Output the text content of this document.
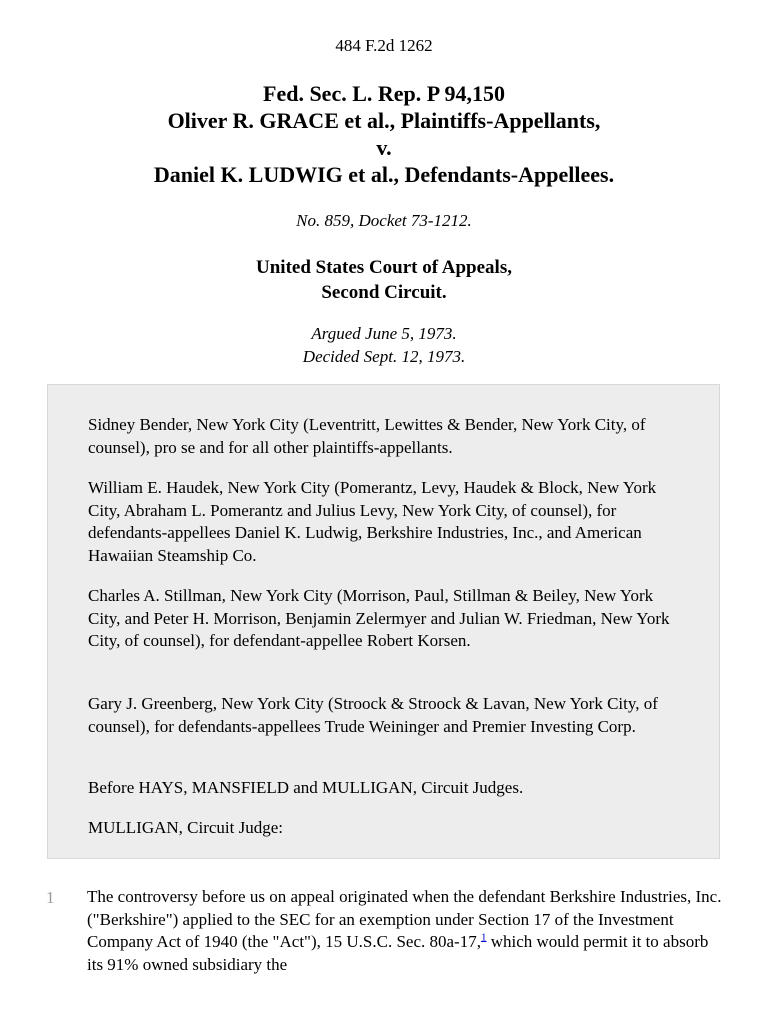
484 F.2d 1262
Fed. Sec. L. Rep. P 94,150
Oliver R. GRACE et al., Plaintiffs-Appellants,
v.
Daniel K. LUDWIG et al., Defendants-Appellees.
No. 859, Docket 73-1212.
United States Court of Appeals,
Second Circuit.
Argued June 5, 1973.
Decided Sept. 12, 1973.

Sidney Bender, New York City (Leventritt, Lewittes & Bender, New York City, of counsel), pro se and for all other plaintiffs-appellants.

William E. Haudek, New York City (Pomerantz, Levy, Haudek & Block, New York City, Abraham L. Pomerantz and Julius Levy, New York City, of counsel), for defendants-appellees Daniel K. Ludwig, Berkshire Industries, Inc., and American Hawaiian Steamship Co.

Charles A. Stillman, New York City (Morrison, Paul, Stillman & Beiley, New York City, and Peter H. Morrison, Benjamin Zelermyer and Julian W. Friedman, New York City, of counsel), for defendant-appellee Robert Korsen.

Gary J. Greenberg, New York City (Stroock & Stroock & Lavan, New York City, of counsel), for defendants-appellees Trude Weininger and Premier Investing Corp.

Before HAYS, MANSFIELD and MULLIGAN, Circuit Judges.

MULLIGAN, Circuit Judge:

1 The controversy before us on appeal originated when the defendant Berkshire Industries, Inc. ("Berkshire") applied to the SEC for an exemption under Section 17 of the Investment Company Act of 1940 (the "Act"), 15 U.S.C. Sec. 80a-17,$^1$ which would permit it to absorb its 91% owned subsidiary the
